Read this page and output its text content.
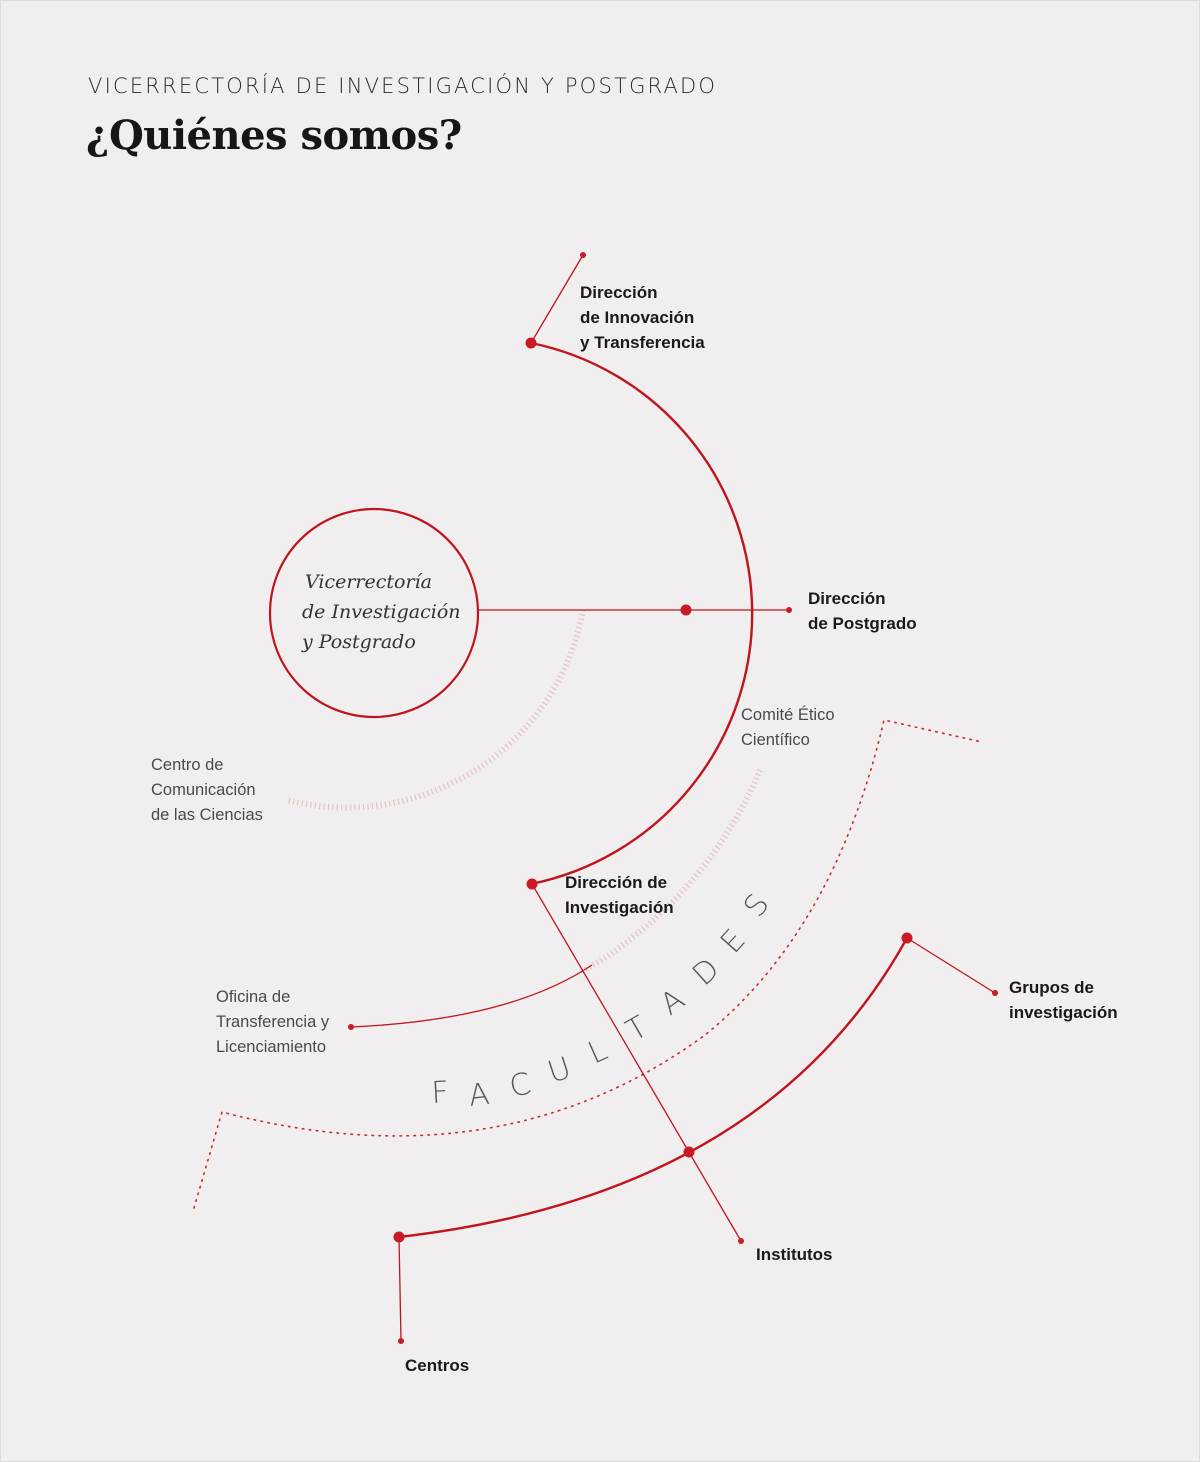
VICERRECTORÍA DE INVESTIGACIÓN Y POSTGRADO
¿Quiénes somos?
F A C U L
T
A
D
E
S
Vicerrectoría
de Investigación
y Postgrado
Dirección
de Innovación
y Transferencia
Dirección
de Postgrado
Dirección de
Investigación
Grupos de
investigación
Institutos
Centros
Centro de
Comunicación
de las Ciencias
Comité Ético
Científico
Oficina de
Transferencia y
Licenciamiento
